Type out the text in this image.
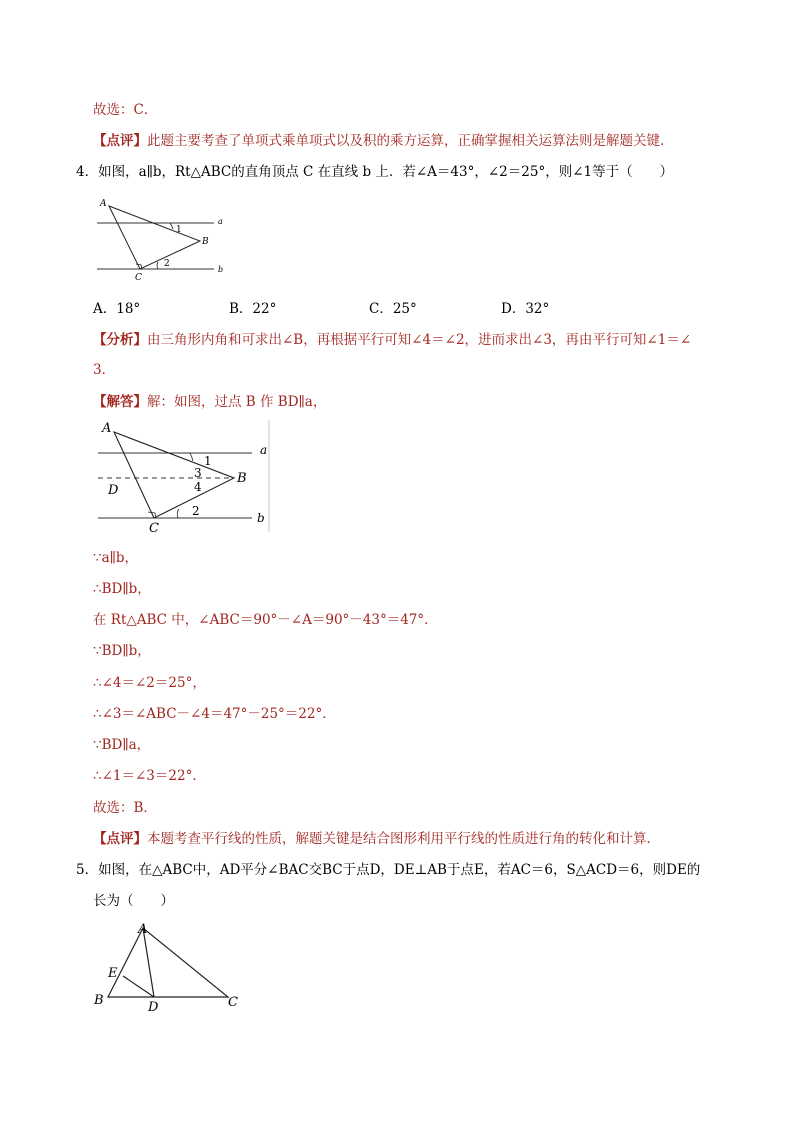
故选：C．
【点评】此题主要考查了单项式乘单项式以及积的乘方运算，正确掌握相关运算法则是解题关键．
4．如图，a∥b，Rt△ABC的直角顶点 C 在直线 b 上．若∠A＝43°，∠2＝25°，则∠1等于（　　）
A
B
C
a
b
1
2
A．18°	B．22°	C．25°	D．32°
【分析】由三角形内角和可求出∠B，再根据平行可知∠4＝∠2，进而求出∠3，再由平行可知∠1＝∠
3．
【解答】解：如图，过点 B 作 BD∥a，
A
B
C
D
a
b
1
2
3
4
∵a∥b，
∴BD∥b，
在 Rt△ABC 中，∠ABC＝90°－∠A＝90°－43°＝47°．
∵BD∥b，
∴∠4＝∠2＝25°，
∴∠3＝∠ABC－∠4＝47°－25°＝22°．
∵BD∥a，
∴∠1＝∠3＝22°．
故选：B．
【点评】本题考查平行线的性质，解题关键是结合图形利用平行线的性质进行角的转化和计算．
5．如图，在△ABC中，AD平分∠BAC交BC于点D，DE⊥AB于点E，若AC＝6，S△ACD＝6，则DE的
长为（　　）
A
B	C
D
E
